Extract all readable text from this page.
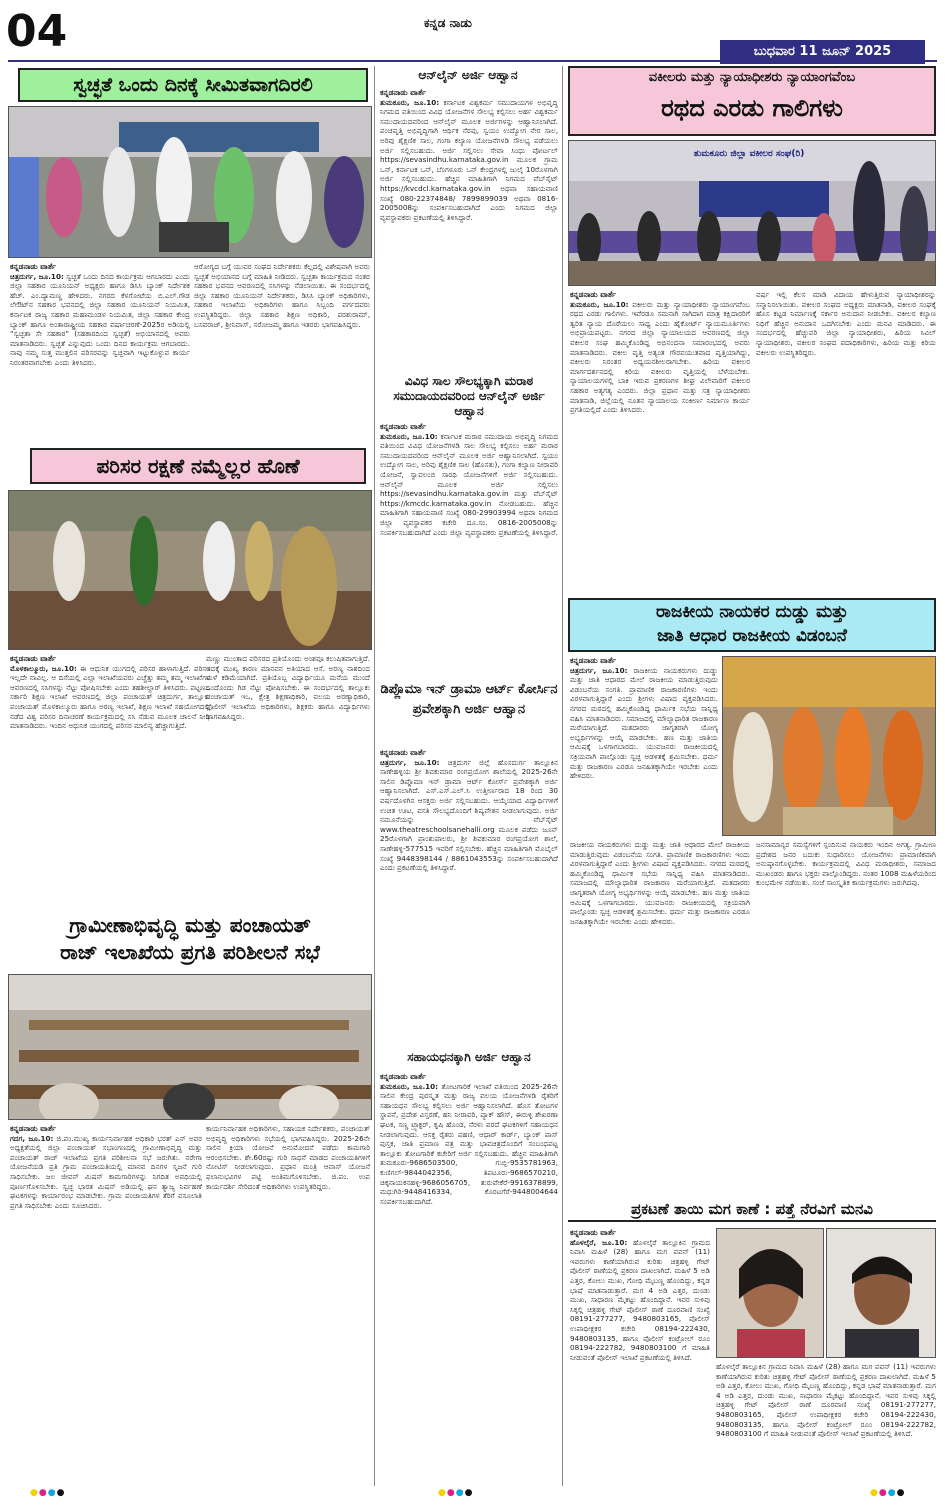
04	ಕನ್ನಡ ನಾಡು
ಬುಧವಾರ 11 ಜೂನ್ 2025
ಸ್ವಚ್ಛತೆ ಒಂದು ದಿನಕ್ಕೆ ಸೀಮಿತವಾಗದಿರಲಿ
ಕನ್ನಡನಾಡು ವಾರ್ತೆ
ಚಿತ್ರದುರ್ಗ, ಜೂ.10: ಸ್ವಚ್ಛತೆ ಒಂದು ದಿನದ ಕಾರ್ಯಕ್ರಮ ಆಗಬಾರದು ಎಂದು ಜಿಲ್ಲಾ ಸಹಕಾರ ಯೂನಿಯನ್ ಅಧ್ಯಕ್ಷರು ಹಾಗೂ ಡಿಸಿಸಿ ಬ್ಯಾಂಕ್ ನಿರ್ದೇಶಕ ಹೆಚ್. ಎಂ.ದ್ಯಾಮಣ್ಣ ಹೇಳಿದರು. ನಗರದ ಕೆಳಗೋಟೆಯ ಬಿ.ಎಲ್.ಗೌಡ ಲೇಔಟ್‌ನ ಸಹಕಾರ ಭವನದಲ್ಲಿ ಜಿಲ್ಲಾ ಸಹಕಾರ ಯೂನಿಯನ್ ನಿಯಮಿತ, ಕರ್ನಾಟಕ ರಾಜ್ಯ ಸಹಕಾರ ಮಹಾಮಂಡಳ ನಿಯಮಿತ, ಜಿಲ್ಲಾ ಸಹಕಾರ ಕೇಂದ್ರ ಬ್ಯಾಂಕ್ ಹಾಗೂ ಅಂತಾರಾಷ್ಟ್ರೀಯ ಸಹಕಾರ ವರ್ಷಾಚರಣೆ-2025ರ ಅಡಿಯಲ್ಲಿ “ಸ್ವಚ್ಛತಾ ಸೇ ಸಹಕಾರ” (ಸಹಕಾರದಿಂದ ಸ್ವಚ್ಛತೆ) ಅಭಿಯಾನದಲ್ಲಿ ಅವರು ಮಾತನಾಡಿದರು. ಸ್ವಚ್ಛತೆ ಎನ್ನುವುದು ಒಂದು ದಿನದ ಕಾರ್ಯಕ್ರಮ ಆಗಬಾರದು. ನಾವು ನಮ್ಮ ಸುತ್ತ ಮುತ್ತಲಿನ ಪರಿಸರವನ್ನು ಸ್ವಚ್ಛವಾಗಿ ಇಟ್ಟುಕೊಳ್ಳುವ ಕಾರ್ಯ ನಿರಂತರವಾಗಬೇಕು ಎಂದು ತಿಳಿಸಿದರು.
ಆರೋಗ್ಯದ ಬಗ್ಗೆ ಯುವರ ಸಂಘದ ನಿರ್ದೇಶಕರು ಕೆಲ್ಲದಲ್ಲಿ ವಿಶೇಷವಾಗಿ ಅವರು ಸ್ವಚ್ಛತೆ ಅಭಿಯಾನದ ಬಗ್ಗೆ ಮಾಹಿತಿ ನೀಡಿದರು. ಸ್ವಚ್ಛತಾ ಕಾರ್ಯಕ್ರಮದ ನಂತರ ಸಹಕಾರ ಭವನದ ಆವರಣದಲ್ಲಿ ಸಸಿಗಳನ್ನು ನೆಡಲಾಯಿತು. ಈ ಸಂದರ್ಭದಲ್ಲಿ ಜಿಲ್ಲಾ ಸಹಕಾರ ಯೂನಿಯನ್ ನಿರ್ದೇಶಕರು, ಡಿಸಿಸಿ ಬ್ಯಾಂಕ್ ಅಧಿಕಾರಿಗಳು, ಸಹಕಾರ ಇಲಾಖೆಯ ಅಧಿಕಾರಿಗಳು ಹಾಗೂ ಸಿಬ್ಬಂದಿ ವರ್ಗದವರು ಉಪಸ್ಥಿತರಿದ್ದರು. ಜಿಲ್ಲಾ ಸಹಕಾರ ಶಿಕ್ಷಣ ಅಧಿಕಾರಿ, ಪರಶುರಾಮ್, ಬಸವರಾಜ್, ಶ್ರೀನಿವಾಸ್, ಸರೋಜಮ್ಮ ಹಾಗೂ ಇತರರು ಭಾಗವಹಿಸಿದ್ದರು.
ಪರಿಸರ ರಕ್ಷಣೆ ನಮ್ಮೆಲ್ಲರ ಹೊಣೆ
ಕನ್ನಡನಾಡು ವಾರ್ತೆ
ಮೊಳಕಾಲ್ಮೂರು, ಜೂ.10: ಈ ಆಧುನಿಕ ಯುಗದಲ್ಲಿ ಪರಿಸರ ಹಾಳಾಗುತ್ತಿದೆ. ಪರಿಸರ ಇಲ್ಲದೇ ನಾವಿಲ್ಲ. ಆ ದಿಸೆಯಲ್ಲಿ ಎಲ್ಲಾ ಇಲಾಖೆಯವರು ಎಚ್ಚೆತ್ತು ತಮ್ಮ ತಮ್ಮ ಇಲಾಖೆಗಳ ಆವರಣದಲ್ಲಿ ಸಸಿಗಳನ್ನು ನೆಟ್ಟು ಪೋಷಿಸಬೇಕು ಎಂದು ತಹಶೀಲ್ದಾರ್ ತಿಳಿಸಿದರು. ಪಟ್ಟಣದ ಸರ್ಕಾರಿ ಶಿಕ್ಷಣ ಇಲಾಖೆ ಆವರಣದಲ್ಲಿ ಜಿಲ್ಲಾ ಪಂಚಾಯತ್ ಚಿತ್ರದುರ್ಗ, ತಾಲ್ಲೂಕು ಪಂಚಾಯತ್ ಮೊಳಕಾಲ್ಮೂರು ಹಾಗೂ ಅರಣ್ಯ ಇಲಾಖೆ, ಶಿಕ್ಷಣ ಇಲಾಖೆ ಸಹಯೋಗದಲ್ಲಿ ನಡೆದ ವಿಶ್ವ ಪರಿಸರ ದಿನಾಚರಣೆ ಕಾರ್ಯಕ್ರಮದಲ್ಲಿ ಸಸಿ ನೆಡುವ ಮೂಲಕ ಚಾಲನೆ ನೀಡಿ ಮಾತನಾಡಿದರು. ಇಂದಿನ ಆಧುನಿಕ ಯುಗದಲ್ಲಿ ಪರಿಸರ ಮಾಲಿನ್ಯ ಹೆಚ್ಚಾಗುತ್ತಿದೆ.
ಮಣ್ಣು ಮುಂತಾದ ಪರಿಸರದ ಪ್ರತಿಯೊಂದು ಅಂಶವೂ ಕಲುಷಿತವಾಗುತ್ತಿದೆ. ಇದಕ್ಕೆ ಮುಖ್ಯ ಕಾರಣ ಮಾನವನ ಅತಿಯಾದ ಆಸೆ. ಅರಣ್ಯ ನಾಶದಿಂದ ಮಳೆ ಕಡಿಮೆಯಾಗಿದೆ. ಪ್ರತಿಯೊಬ್ಬ ವಿದ್ಯಾರ್ಥಿಯೂ ಮನೆಯ ಮುಂದೆ ಒಂದೊಂದು ಗಿಡ ನೆಟ್ಟು ಪೋಷಿಸಬೇಕು. ಈ ಸಂದರ್ಭದಲ್ಲಿ ತಾಲ್ಲೂಕು ಪಂಚಾಯತ್ ಇಒ, ಕ್ಷೇತ್ರ ಶಿಕ್ಷಣಾಧಿಕಾರಿ, ವಲಯ ಅರಣ್ಯಾಧಿಕಾರಿ, ಪೊಲೀಸ್ ಇಲಾಖೆಯ ಅಧಿಕಾರಿಗಳು, ಶಿಕ್ಷಕರು ಹಾಗೂ ವಿದ್ಯಾರ್ಥಿಗಳು ಭಾಗವಹಿಸಿದ್ದರು.
ಗ್ರಾಮೀಣಾಭಿವೃದ್ಧಿ ಮತ್ತು ಪಂಚಾಯತ್
ರಾಜ್ ಇಲಾಖೆಯ ಪ್ರಗತಿ ಪರಿಶೀಲನೆ ಸಭೆ
ಕನ್ನಡನಾಡು ವಾರ್ತೆ
ಗದಗ, ಜೂ.10: ಜಿ.ಪಂ.ಮುಖ್ಯ ಕಾರ್ಯನಿರ್ವಾಹಕ ಅಧಿಕಾರಿ ಭರತ್ ಎಸ್ ಅವರ ಅಧ್ಯಕ್ಷತೆಯಲ್ಲಿ ಜಿಲ್ಲಾ ಪಂಚಾಯತ್ ಸಭಾಂಗಣದಲ್ಲಿ ಗ್ರಾಮೀಣಾಭಿವೃದ್ಧಿ ಮತ್ತು ಪಂಚಾಯತ್ ರಾಜ್ ಇಲಾಖೆಯ ಪ್ರಗತಿ ಪರಿಶೀಲನಾ ಸಭೆ ಜರುಗಿತು. ನರೇಗಾ ಯೋಜನೆಯಡಿ ಪ್ರತಿ ಗ್ರಾಮ ಪಂಚಾಯತಿಯಲ್ಲಿ ಮಾನವ ದಿನಗಳ ಸೃಜನೆ ಗುರಿ ಸಾಧಿಸಬೇಕು. ಜಲ ಜೀವನ್ ಮಿಷನ್ ಕಾಮಗಾರಿಗಳನ್ನು ನಿಗದಿತ ಅವಧಿಯಲ್ಲಿ ಪೂರ್ಣಗೊಳಿಸಬೇಕು. ಸ್ವಚ್ಛ ಭಾರತ ಮಿಷನ್ ಅಡಿಯಲ್ಲಿ ಘನ ತ್ಯಾಜ್ಯ ನಿರ್ವಹಣೆ ಘಟಕಗಳನ್ನು ಕಾರ್ಯಾರಂಭ ಮಾಡಬೇಕು. ಗ್ರಾಮ ಪಂಚಾಯತಿಗಳ ತೆರಿಗೆ ವಸೂಲಾತಿ ಪ್ರಗತಿ ಸಾಧಿಸಬೇಕು ಎಂದು ಸೂಚಿಸಿದರು.
ಕಾರ್ಯನಿರ್ವಾಹಕ ಅಧಿಕಾರಿಗಳು, ಸಹಾಯಕ ನಿರ್ದೇಶಕರು, ಪಂಚಾಯತ್ ಅಭಿವೃದ್ಧಿ ಅಧಿಕಾರಿಗಳು ಸಭೆಯಲ್ಲಿ ಭಾಗವಹಿಸಿದ್ದರು. 2025-26ನೇ ಸಾಲಿನ ಕ್ರಿಯಾ ಯೋಜನೆ ಅನುಮೋದನೆ ಪಡೆದು ಕಾಮಗಾರಿ ಆರಂಭಿಸಬೇಕು. ಶೇ.60ರಷ್ಟು ಗುರಿ ಸಾಧನೆ ಮಾಡದ ಪಂಚಾಯತಿಗಳಿಗೆ ನೋಟಿಸ್ ನೀಡಲಾಗುವುದು. ಪ್ರಧಾನ ಮಂತ್ರಿ ಆವಾಸ್ ಯೋಜನೆ ಫಲಾನುಭವಿಗಳ ಪಟ್ಟಿ ಅಂತಿಮಗೊಳಿಸಬೇಕು. ಜಿ.ಪಂ. ಉಪ ಕಾರ್ಯದರ್ಶಿ ಸೇರಿದಂತೆ ಅಧಿಕಾರಿಗಳು ಉಪಸ್ಥಿತರಿದ್ದರು.
ಆನ್‌ಲೈನ್ ಅರ್ಜಿ ಆಹ್ವಾನ
ಕನ್ನಡನಾಡು ವಾರ್ತೆ
ತುಮಕೂರು, ಜೂ.10: ಕರ್ನಾಟಕ ವಿಶ್ವಕರ್ಮ ಸಮುದಾಯಗಳ ಅಭಿವೃದ್ಧಿ ನಿಗಮದ ವತಿಯಿಂದ ವಿವಿಧ ಯೋಜನೆಗಳ ಸೌಲಭ್ಯ ಕಲ್ಪಿಸಲು ಅರ್ಹ ವಿಶ್ವಕರ್ಮ ಸಮುದಾಯದವರಿಂದ ಆನ್‌ಲೈನ್ ಮೂಲಕ ಅರ್ಜಿಗಳನ್ನು ಆಹ್ವಾನಿಸಲಾಗಿದೆ. ಪಂಚವೃತ್ತಿ ಅಭಿವೃದ್ಧಿಗಾಗಿ ಆರ್ಥಿಕ ನೆರವು, ಸ್ವಯಂ ಉದ್ಯೋಗ ನೇರ ಸಾಲ, ಅರಿವು ಶೈಕ್ಷಣಿಕ ಸಾಲ, ಗಂಗಾ ಕಲ್ಯಾಣ ಯೋಜನೆಗಳಡಿ ಸೌಲಭ್ಯ ಪಡೆಯಲು ಅರ್ಜಿ ಸಲ್ಲಿಸಬಹುದು. ಅರ್ಜಿ ಸಲ್ಲಿಸಲು ಸೇವಾ ಸಿಂಧು ಪೋರ್ಟಲ್ https://sevasindhu.karnataka.gov.in ಮೂಲಕ ಗ್ರಾಮ ಒನ್, ಕರ್ನಾಟಕ ಒನ್, ಬೆಂಗಳೂರು ಒನ್ ಕೇಂದ್ರಗಳಲ್ಲಿ ಜುಲೈ 10ರೊಳಗಾಗಿ ಅರ್ಜಿ ಸಲ್ಲಿಸಬಹುದು. ಹೆಚ್ಚಿನ ಮಾಹಿತಿಗಾಗಿ ನಿಗಮದ ವೆಬ್‌ಸೈಟ್ https://kvcdcl.karnataka.gov.in ಅಥವಾ ಸಹಾಯವಾಣಿ ಸಂಖ್ಯೆ 080-22374848/ 7899899039 ಅಥವಾ 0816-2005008ನ್ನು ಸಂಪರ್ಕಿಸಬಹುದಾಗಿದೆ ಎಂದು ನಿಗಮದ ಜಿಲ್ಲಾ ವ್ಯವಸ್ಥಾಪಕರು ಪ್ರಕಟಣೆಯಲ್ಲಿ ತಿಳಿಸಿದ್ದಾರೆ.
ವಿವಿಧ ಸಾಲ ಸೌಲಭ್ಯಕ್ಕಾಗಿ ಮರಾಠ ಸಮುದಾಯದವರಿಂದ ಆನ್‌ಲೈನ್ ಅರ್ಜಿ ಆಹ್ವಾನ
ಕನ್ನಡನಾಡು ವಾರ್ತೆ
ತುಮಕೂರು, ಜೂ.10: ಕರ್ನಾಟಕ ಮರಾಠ ಸಮುದಾಯ ಅಭಿವೃದ್ಧಿ ನಿಗಮದ ವತಿಯಿಂದ ವಿವಿಧ ಯೋಜನೆಗಳಡಿ ಸಾಲ ಸೌಲಭ್ಯ ಕಲ್ಪಿಸಲು ಅರ್ಹ ಮರಾಠ ಸಮುದಾಯದವರಿಂದ ಆನ್‌ಲೈನ್ ಮೂಲಕ ಅರ್ಜಿ ಆಹ್ವಾನಿಸಲಾಗಿದೆ. ಸ್ವಯಂ ಉದ್ಯೋಗ ಸಾಲ, ಅರಿವು ಶೈಕ್ಷಣಿಕ ಸಾಲ (ಹೊಸತು), ಗಂಗಾ ಕಲ್ಯಾಣ ನೀರಾವರಿ ಯೋಜನೆ, ಸ್ವಾವಲಂಬಿ ಸಾರಥಿ ಯೋಜನೆಗಳಿಗೆ ಅರ್ಜಿ ಸಲ್ಲಿಸಬಹುದು. ಆನ್‌ಲೈನ್ ಮೂಲಕ ಅರ್ಜಿ ಸಲ್ಲಿಸಲು https://sevasindhu.karnataka.gov.in ಮತ್ತು ವೆಬ್‌ಸೈಟ್ https://kmcdc.karnataka.gov.in ನೋಡಬಹುದು. ಹೆಚ್ಚಿನ ಮಾಹಿತಿಗಾಗಿ ಸಹಾಯವಾಣಿ ಸಂಖ್ಯೆ 080-29903994 ಅಥವಾ ನಿಗಮದ ಜಿಲ್ಲಾ ವ್ಯವಸ್ಥಾಪಕರ ಕಚೇರಿ ದೂ.ಸಂ. 0816-2005008ನ್ನು ಸಂಪರ್ಕಿಸಬಹುದಾಗಿದೆ ಎಂದು ಜಿಲ್ಲಾ ವ್ಯವಸ್ಥಾಪಕರು ಪ್ರಕಟಣೆಯಲ್ಲಿ ತಿಳಿಸಿದ್ದಾರೆ.
ಡಿಪ್ಲೊಮಾ ಇನ್ ಡ್ರಾಮಾ ಆರ್ಟ್ ಕೋರ್ಸಿನ ಪ್ರವೇಶಕ್ಕಾಗಿ ಅರ್ಜಿ ಆಹ್ವಾನ
ಕನ್ನಡನಾಡು ವಾರ್ತೆ
ಚಿತ್ರದುರ್ಗ, ಜೂ.10: ಚಿತ್ರದುರ್ಗ ಜಿಲ್ಲೆ ಹೊಸದುರ್ಗ ತಾಲ್ಲೂಕಿನ ಸಾಣೇಹಳ್ಳಿಯ ಶ್ರೀ ಶಿವಕುಮಾರ ರಂಗಪ್ರಯೋಗ ಶಾಲೆಯಲ್ಲಿ 2025-26ನೇ ಸಾಲಿನ ಡಿಪ್ಲೊಮಾ ಇನ್ ಡ್ರಾಮಾ ಆರ್ಟ್ ಕೋರ್ಸ್ ಪ್ರವೇಶಕ್ಕಾಗಿ ಅರ್ಜಿ ಆಹ್ವಾನಿಸಲಾಗಿದೆ. ಎಸ್.ಎಸ್.ಎಲ್.ಸಿ ಉತ್ತೀರ್ಣರಾದ 18 ರಿಂದ 30 ವರ್ಷದೊಳಗಿನ ಆಸಕ್ತರು ಅರ್ಜಿ ಸಲ್ಲಿಸಬಹುದು. ಆಯ್ಕೆಯಾದ ವಿದ್ಯಾರ್ಥಿಗಳಿಗೆ ಉಚಿತ ಊಟ, ವಸತಿ ಸೌಲಭ್ಯದೊಂದಿಗೆ ಶಿಷ್ಯವೇತನ ನೀಡಲಾಗುವುದು. ಅರ್ಜಿ ನಮೂನೆಯನ್ನು ವೆಬ್‌ಸೈಟ್ www.theatreschoolsanehalli.org ಮೂಲಕ ಪಡೆದು ಜೂನ್ 25ರೊಳಗಾಗಿ ಪ್ರಾಂಶುಪಾಲರು, ಶ್ರೀ ಶಿವಕುಮಾರ ರಂಗಪ್ರಯೋಗ ಶಾಲೆ, ಸಾಣೇಹಳ್ಳಿ-577515 ಇವರಿಗೆ ಸಲ್ಲಿಸಬೇಕು. ಹೆಚ್ಚಿನ ಮಾಹಿತಿಗಾಗಿ ಮೊಬೈಲ್ ಸಂಖ್ಯೆ 9448398144 / 8861043553ನ್ನು ಸಂಪರ್ಕಿಸಬಹುದಾಗಿದೆ ಎಂದು ಪ್ರಕಟಣೆಯಲ್ಲಿ ತಿಳಿಸಿದ್ದಾರೆ.
ಸಹಾಯಧನಕ್ಕಾಗಿ ಅರ್ಜಿ ಆಹ್ವಾನ
ಕನ್ನಡನಾಡು ವಾರ್ತೆ
ತುಮಕೂರು, ಜೂ.10: ತೋಟಗಾರಿಕೆ ಇಲಾಖೆ ವತಿಯಿಂದ 2025-26ನೇ ಸಾಲಿನ ಕೇಂದ್ರ ಪುರಸ್ಕೃತ ಮತ್ತು ರಾಜ್ಯ ವಲಯ ಯೋಜನೆಗಳಡಿ ರೈತರಿಗೆ ಸಹಾಯಧನ ಸೌಲಭ್ಯ ಕಲ್ಪಿಸಲು ಅರ್ಜಿ ಆಹ್ವಾನಿಸಲಾಗಿದೆ. ಹೊಸ ತೋಟಗಳ ಸ್ಥಾಪನೆ, ಪ್ರದೇಶ ವಿಸ್ತರಣೆ, ಹನಿ ನೀರಾವರಿ, ಪ್ಯಾಕ್ ಹೌಸ್, ಈರುಳ್ಳಿ ಶೇಖರಣಾ ಘಟಕ, ಸಣ್ಣ ಟ್ರ್ಯಾಕ್ಟರ್, ಕೃಷಿ ಹೊಂಡ, ನೆರಳು ಪರದೆ ಘಟಕಗಳಿಗೆ ಸಹಾಯಧನ ನೀಡಲಾಗುವುದು. ಆಸಕ್ತ ರೈತರು ಪಹಣಿ, ಆಧಾರ್ ಕಾರ್ಡ್, ಬ್ಯಾಂಕ್ ಪಾಸ್ ಪುಸ್ತಕ, ಜಾತಿ ಪ್ರಮಾಣ ಪತ್ರ ಮತ್ತು ಭಾವಚಿತ್ರದೊಂದಿಗೆ ಸಂಬಂಧಪಟ್ಟ ತಾಲ್ಲೂಕು ತೋಟಗಾರಿಕೆ ಕಚೇರಿಗೆ ಅರ್ಜಿ ಸಲ್ಲಿಸಬಹುದು. ಹೆಚ್ಚಿನ ಮಾಹಿತಿಗಾಗಿ ತುಮಕೂರು-9686503500, ಗುಬ್ಬಿ-9535781963, ಕುಣಿಗಲ್-9844042356, ತಿಪಟೂರು-9686570210, ಚಿಕ್ಕನಾಯಕನಹಳ್ಳಿ-9686056705, ತುರುವೇಕೆರೆ-9916378899, ಮಧುಗಿರಿ-9448416334, ಕೊರಟಗೆರೆ-9448004644 ಸಂಪರ್ಕಿಸಬಹುದಾಗಿದೆ.
ವಕೀಲರು ಮತ್ತು ನ್ಯಾಯಾಧೀಶರು ನ್ಯಾಯಾಂಗವೆಂಬ
ರಥದ ಎರಡು ಗಾಲಿಗಳು
ತುಮಕೂರು ಜಿಲ್ಲಾ ವಕೀಲರ ಸಂಘ(ರಿ)
ಕನ್ನಡನಾಡು ವಾರ್ತೆ
ತುಮಕೂರು, ಜೂ.10: ವಕೀಲರು ಮತ್ತು ನ್ಯಾಯಾಧೀಶರು ನ್ಯಾಯಾಂಗವೆಂಬ ರಥದ ಎರಡು ಗಾಲಿಗಳು. ಇವೆರಡೂ ಸಮನಾಗಿ ಸಾಗಿದಾಗ ಮಾತ್ರ ಕಕ್ಷಿದಾರರಿಗೆ ತ್ವರಿತ ನ್ಯಾಯ ದೊರೆಯಲು ಸಾಧ್ಯ ಎಂದು ಹೈಕೋರ್ಟ್ ನ್ಯಾಯಮೂರ್ತಿಗಳು ಅಭಿಪ್ರಾಯಪಟ್ಟರು. ನಗರದ ಜಿಲ್ಲಾ ನ್ಯಾಯಾಲಯದ ಆವರಣದಲ್ಲಿ ಜಿಲ್ಲಾ ವಕೀಲರ ಸಂಘ ಹಮ್ಮಿಕೊಂಡಿದ್ದ ಅಭಿನಂದನಾ ಸಮಾರಂಭದಲ್ಲಿ ಅವರು ಮಾತನಾಡಿದರು. ವಕೀಲ ವೃತ್ತಿ ಅತ್ಯಂತ ಗೌರವಯುತವಾದ ವೃತ್ತಿಯಾಗಿದ್ದು, ವಕೀಲರು ನಿರಂತರ ಅಧ್ಯಯನಶೀಲರಾಗಬೇಕು. ಹಿರಿಯ ವಕೀಲರ ಮಾರ್ಗದರ್ಶನದಲ್ಲಿ ಕಿರಿಯ ವಕೀಲರು ವೃತ್ತಿಯಲ್ಲಿ ಬೆಳೆಯಬೇಕು. ನ್ಯಾಯಾಲಯಗಳಲ್ಲಿ ಬಾಕಿ ಇರುವ ಪ್ರಕರಣಗಳ ಶೀಘ್ರ ವಿಲೇವಾರಿಗೆ ವಕೀಲರ ಸಹಕಾರ ಅತ್ಯಗತ್ಯ ಎಂದರು. ಜಿಲ್ಲಾ ಪ್ರಧಾನ ಮತ್ತು ಸತ್ರ ನ್ಯಾಯಾಧೀಶರು ಮಾತನಾಡಿ, ಜಿಲ್ಲೆಯಲ್ಲಿ ನೂತನ ನ್ಯಾಯಾಲಯ ಸಂಕೀರ್ಣ ನಿರ್ಮಾಣ ಕಾರ್ಯ ಪ್ರಗತಿಯಲ್ಲಿದೆ ಎಂದು ತಿಳಿಸಿದರು.
ವರ್ಷ ಇಲ್ಲಿ ಕೆಲಸ ಮಾಡಿ ವಿದಾಯ ಹೇಳುತ್ತಿರುವ ನ್ಯಾಯಾಧೀಶರನ್ನು ಸನ್ಮಾನಿಸಲಾಯಿತು. ವಕೀಲರ ಸಂಘದ ಅಧ್ಯಕ್ಷರು ಮಾತನಾಡಿ, ವಕೀಲರ ಸಂಘಕ್ಕೆ ಹೊಸ ಕಟ್ಟಡ ನಿರ್ಮಾಣಕ್ಕೆ ಸರ್ಕಾರ ಅನುದಾನ ನೀಡಬೇಕು. ವಕೀಲರ ಕಲ್ಯಾಣ ನಿಧಿಗೆ ಹೆಚ್ಚಿನ ಅನುದಾನ ಒದಗಿಸಬೇಕು ಎಂದು ಮನವಿ ಮಾಡಿದರು. ಈ ಸಂದರ್ಭದಲ್ಲಿ ಹೆಚ್ಚುವರಿ ಜಿಲ್ಲಾ ನ್ಯಾಯಾಧೀಶರು, ಹಿರಿಯ ಸಿವಿಲ್ ನ್ಯಾಯಾಧೀಶರು, ವಕೀಲರ ಸಂಘದ ಪದಾಧಿಕಾರಿಗಳು, ಹಿರಿಯ ಮತ್ತು ಕಿರಿಯ ವಕೀಲರು ಉಪಸ್ಥಿತರಿದ್ದರು.
ರಾಜಕೀಯ ನಾಯಕರ ದುಡ್ಡು ಮತ್ತು
ಜಾತಿ ಆಧಾರ ರಾಜಕೀಯ ವಿಡಂಬನೆ
ಕನ್ನಡನಾಡು ವಾರ್ತೆ
ಚಿತ್ರದುರ್ಗ, ಜೂ.10: ರಾಜಕೀಯ ನಾಯಕರುಗಳು ದುಡ್ಡು ಮತ್ತು ಜಾತಿ ಆಧಾರದ ಮೇಲೆ ರಾಜಕೀಯ ಮಾಡುತ್ತಿರುವುದು ವಿಡಂಬನೆಯ ಸಂಗತಿ. ಪ್ರಾಮಾಣಿಕ ರಾಜಕಾರಣಿಗಳು ಇಂದು ವಿರಳವಾಗುತ್ತಿದ್ದಾರೆ ಎಂದು ಶ್ರೀಗಳು ವಿಷಾದ ವ್ಯಕ್ತಪಡಿಸಿದರು. ನಗರದ ಮಠದಲ್ಲಿ ಹಮ್ಮಿಕೊಂಡಿದ್ದ ಧಾರ್ಮಿಕ ಸಭೆಯ ಸಾನ್ನಿಧ್ಯ ವಹಿಸಿ ಮಾತನಾಡಿದರು. ಸಮಾಜದಲ್ಲಿ ಮೌಲ್ಯಾಧಾರಿತ ರಾಜಕಾರಣ ಮರೆಯಾಗುತ್ತಿದೆ. ಮತದಾರರು ಜಾಗೃತರಾಗಿ ಯೋಗ್ಯ ಅಭ್ಯರ್ಥಿಗಳನ್ನು ಆಯ್ಕೆ ಮಾಡಬೇಕು. ಹಣ ಮತ್ತು ಜಾತಿಯ ಆಮಿಷಕ್ಕೆ ಒಳಗಾಗಬಾರದು. ಯುವಜನರು ರಾಜಕೀಯದಲ್ಲಿ ಸಕ್ರಿಯವಾಗಿ ಪಾಲ್ಗೊಂಡು ಸ್ವಚ್ಛ ಆಡಳಿತಕ್ಕೆ ಶ್ರಮಿಸಬೇಕು. ಧರ್ಮ ಮತ್ತು ರಾಜಕಾರಣ ಎರಡೂ ಜನಹಿತಕ್ಕಾಗಿಯೇ ಇರಬೇಕು ಎಂದು ಹೇಳಿದರು.
ರಾಜಕೀಯ ನಾಯಕರುಗಳು ದುಡ್ಡು ಮತ್ತು ಜಾತಿ ಆಧಾರದ ಮೇಲೆ ರಾಜಕೀಯ ಮಾಡುತ್ತಿರುವುದು ವಿಡಂಬನೆಯ ಸಂಗತಿ. ಪ್ರಾಮಾಣಿಕ ರಾಜಕಾರಣಿಗಳು ಇಂದು ವಿರಳವಾಗುತ್ತಿದ್ದಾರೆ ಎಂದು ಶ್ರೀಗಳು ವಿಷಾದ ವ್ಯಕ್ತಪಡಿಸಿದರು. ನಗರದ ಮಠದಲ್ಲಿ ಹಮ್ಮಿಕೊಂಡಿದ್ದ ಧಾರ್ಮಿಕ ಸಭೆಯ ಸಾನ್ನಿಧ್ಯ ವಹಿಸಿ ಮಾತನಾಡಿದರು. ಸಮಾಜದಲ್ಲಿ ಮೌಲ್ಯಾಧಾರಿತ ರಾಜಕಾರಣ ಮರೆಯಾಗುತ್ತಿದೆ. ಮತದಾರರು ಜಾಗೃತರಾಗಿ ಯೋಗ್ಯ ಅಭ್ಯರ್ಥಿಗಳನ್ನು ಆಯ್ಕೆ ಮಾಡಬೇಕು. ಹಣ ಮತ್ತು ಜಾತಿಯ ಆಮಿಷಕ್ಕೆ ಒಳಗಾಗಬಾರದು. ಯುವಜನರು ರಾಜಕೀಯದಲ್ಲಿ ಸಕ್ರಿಯವಾಗಿ ಪಾಲ್ಗೊಂಡು ಸ್ವಚ್ಛ ಆಡಳಿತಕ್ಕೆ ಶ್ರಮಿಸಬೇಕು. ಧರ್ಮ ಮತ್ತು ರಾಜಕಾರಣ ಎರಡೂ ಜನಹಿತಕ್ಕಾಗಿಯೇ ಇರಬೇಕು ಎಂದು ಹೇಳಿದರು.
ಜನಸಾಮಾನ್ಯರ ಸಮಸ್ಯೆಗಳಿಗೆ ಸ್ಪಂದಿಸುವ ನಾಯಕರು ಇಂದಿನ ಅಗತ್ಯ. ಗ್ರಾಮೀಣ ಪ್ರದೇಶದ ಜನರ ಬದುಕು ಸುಧಾರಿಸಲು ಯೋಜನೆಗಳು ಪ್ರಾಮಾಣಿಕವಾಗಿ ಅನುಷ್ಠಾನಗೊಳ್ಳಬೇಕು. ಕಾರ್ಯಕ್ರಮದಲ್ಲಿ ವಿವಿಧ ಮಠಾಧೀಶರು, ಸಮಾಜದ ಮುಖಂಡರು ಹಾಗೂ ಭಕ್ತರು ಪಾಲ್ಗೊಂಡಿದ್ದರು. ನಂತರ 1008 ಮಹಿಳೆಯರಿಂದ ಕುಂಭಮೇಳ ನಡೆಯಿತು. ಸಂಜೆ ಸಾಂಸ್ಕೃತಿಕ ಕಾರ್ಯಕ್ರಮಗಳು ಜರುಗಿದವು.
ಪ್ರಕಟಣೆ ತಾಯಿ ಮಗ ಕಾಣೆ : ಪತ್ತೆ ನೆರವಿಗೆ ಮನವಿ
ಕನ್ನಡನಾಡು ವಾರ್ತೆ
ಹೊಳಲ್ಕೆರೆ, ಜೂ.10: ಹೊಳಲ್ಕೆರೆ ತಾಲ್ಲೂಕಿನ ಗ್ರಾಮದ ನಿವಾಸಿ ಮಹಿಳೆ (28) ಹಾಗೂ ಮಗ ಪವನ್ (11) ಇವರುಗಳು ಕಾಣೆಯಾಗಿರುವ ಕುರಿತು ಚಿತ್ರಹಳ್ಳಿ ಗೇಟ್ ಪೊಲೀಸ್ ಠಾಣೆಯಲ್ಲಿ ಪ್ರಕರಣ ದಾಖಲಾಗಿದೆ. ಮಹಿಳೆ 5 ಅಡಿ ಎತ್ತರ, ಕೋಲು ಮುಖ, ಗೋಧಿ ಮೈಬಣ್ಣ ಹೊಂದಿದ್ದು, ಕನ್ನಡ ಭಾಷೆ ಮಾತನಾಡುತ್ತಾರೆ. ಮಗ 4 ಅಡಿ ಎತ್ತರ, ದುಂಡು ಮುಖ, ಸಾಧಾರಣ ಮೈಕಟ್ಟು ಹೊಂದಿದ್ದಾನೆ. ಇವರ ಸುಳಿವು ಸಿಕ್ಕಲ್ಲಿ ಚಿತ್ರಹಳ್ಳಿ ಗೇಟ್ ಪೊಲೀಸ್ ಠಾಣೆ ದೂರವಾಣಿ ಸಂಖ್ಯೆ 08191-277277, 9480803165, ಪೊಲೀಸ್ ಉಪಾಧೀಕ್ಷಕರ ಕಚೇರಿ 08194-222430, 9480803135, ಹಾಗೂ ಪೊಲೀಸ್ ಕಂಟ್ರೋಲ್ ರೂಂ 08194-222782, 9480803100 ಗೆ ಮಾಹಿತಿ ನೀಡುವಂತೆ ಪೊಲೀಸ್ ಇಲಾಖೆ ಪ್ರಕಟಣೆಯಲ್ಲಿ ತಿಳಿಸಿದೆ.
ಹೊಳಲ್ಕೆರೆ ತಾಲ್ಲೂಕಿನ ಗ್ರಾಮದ ನಿವಾಸಿ ಮಹಿಳೆ (28) ಹಾಗೂ ಮಗ ಪವನ್ (11) ಇವರುಗಳು ಕಾಣೆಯಾಗಿರುವ ಕುರಿತು ಚಿತ್ರಹಳ್ಳಿ ಗೇಟ್ ಪೊಲೀಸ್ ಠಾಣೆಯಲ್ಲಿ ಪ್ರಕರಣ ದಾಖಲಾಗಿದೆ. ಮಹಿಳೆ 5 ಅಡಿ ಎತ್ತರ, ಕೋಲು ಮುಖ, ಗೋಧಿ ಮೈಬಣ್ಣ ಹೊಂದಿದ್ದು, ಕನ್ನಡ ಭಾಷೆ ಮಾತನಾಡುತ್ತಾರೆ. ಮಗ 4 ಅಡಿ ಎತ್ತರ, ದುಂಡು ಮುಖ, ಸಾಧಾರಣ ಮೈಕಟ್ಟು ಹೊಂದಿದ್ದಾನೆ. ಇವರ ಸುಳಿವು ಸಿಕ್ಕಲ್ಲಿ ಚಿತ್ರಹಳ್ಳಿ ಗೇಟ್ ಪೊಲೀಸ್ ಠಾಣೆ ದೂರವಾಣಿ ಸಂಖ್ಯೆ 08191-277277, 9480803165, ಪೊಲೀಸ್ ಉಪಾಧೀಕ್ಷಕರ ಕಚೇರಿ 08194-222430, 9480803135, ಹಾಗೂ ಪೊಲೀಸ್ ಕಂಟ್ರೋಲ್ ರೂಂ 08194-222782, 9480803100 ಗೆ ಮಾಹಿತಿ ನೀಡುವಂತೆ ಪೊಲೀಸ್ ಇಲಾಖೆ ಪ್ರಕಟಣೆಯಲ್ಲಿ ತಿಳಿಸಿದೆ.
●●●●	●●●●	●●●●
